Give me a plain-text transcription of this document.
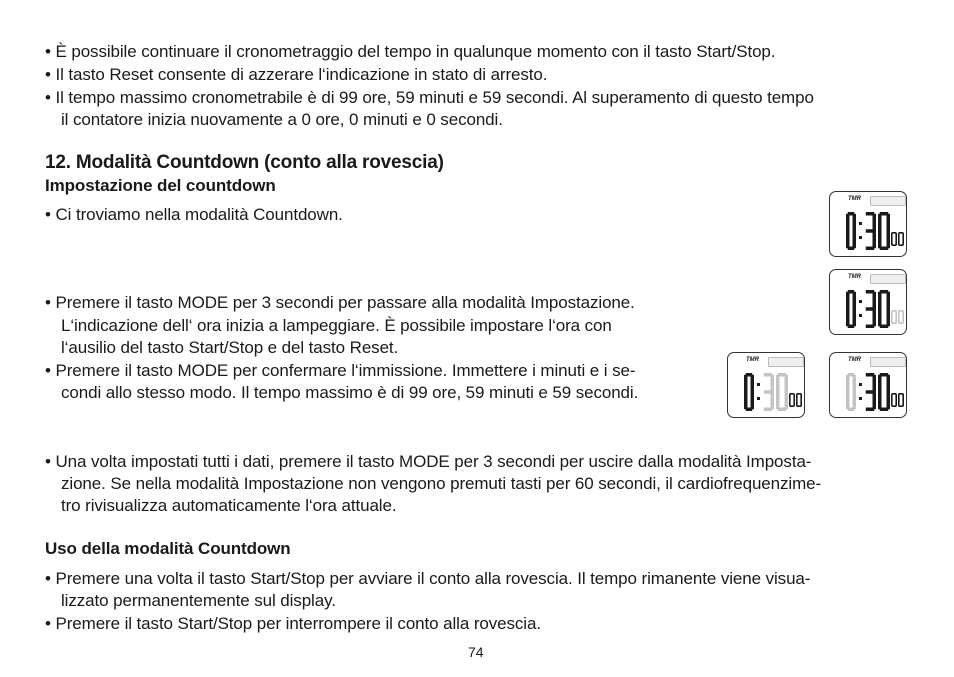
• È possibile continuare il cronometraggio del tempo in qualunque momento con il tasto Start/Stop.
• Il tasto Reset consente di azzerare l‘indicazione in stato di arresto.
• Il tempo massimo cronometrabile è di 99 ore, 59 minuti e 59 secondi. Al superamento di questo tempo
il contatore inizia nuovamente a 0 ore, 0 minuti e 0 secondi.
12. Modalità Countdown (conto alla rovescia)
Impostazione del countdown
• Ci troviamo nella modalità Countdown.
• Premere il tasto MODE per 3 secondi per passare alla modalità Impostazione.
L‘indicazione dell‘ ora inizia a lampeggiare. È possibile impostare l‘ora con
l‘ausilio del tasto Start/Stop e del tasto Reset.
• Premere il tasto MODE per confermare l‘immissione. Immettere i minuti e i se-
condi allo stesso modo. Il tempo massimo è di 99 ore, 59 minuti e 59 secondi.
• Una volta impostati tutti i dati, premere il tasto MODE per 3 secondi per uscire dalla modalità Imposta-
zione. Se nella modalità Impostazione non vengono premuti tasti per 60 secondi, il cardiofrequenzime-
tro rivisualizza automaticamente l‘ora attuale.
Uso della modalità Countdown
• Premere una volta il tasto Start/Stop per avviare il conto alla rovescia. Il tempo rimanente viene visua-
lizzato permanentemente sul display.
• Premere il tasto Start/Stop per interrompere il conto alla rovescia.
74
TMR
TMR
TMR	TMR
